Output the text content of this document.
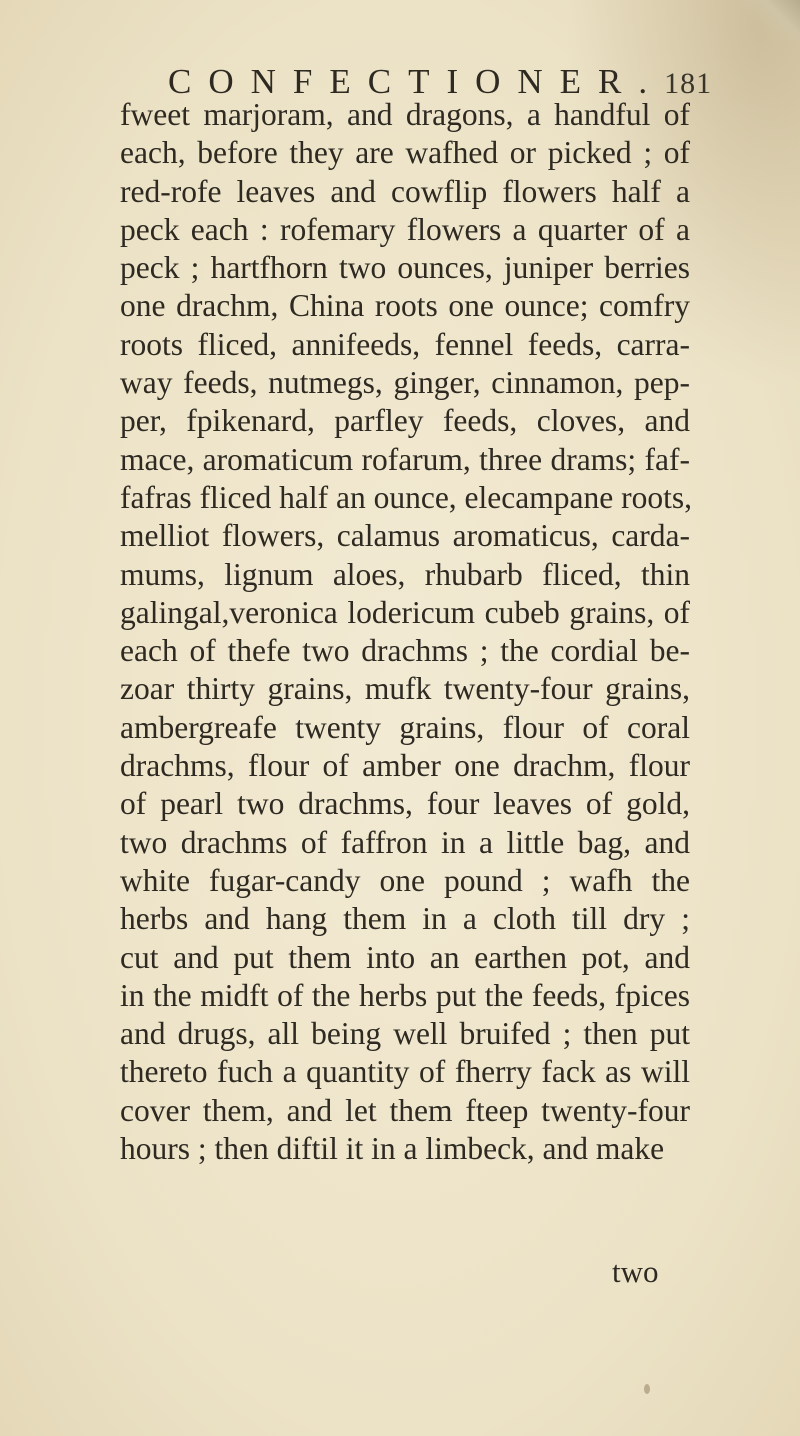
CONFECTIONER. 181
fweet marjoram, and dragons, a handful of
each, before they are wafhed or picked ; of
red-rofe leaves and cowflip flowers half a
peck each : rofemary flowers a quarter of a
peck ; hartfhorn two ounces, juniper berries
one drachm, China roots one ounce; comfry
roots fliced, annifeeds, fennel feeds, carra-
way feeds, nutmegs, ginger, cinnamon, pep-
per, fpikenard, parfley feeds, cloves, and
mace, aromaticum rofarum, three drams; faf-
fafras fliced half an ounce, elecampane roots,
melliot flowers, calamus aromaticus, carda-
mums, lignum aloes, rhubarb fliced, thin
galingal,veronica lodericum cubeb grains, of
each of thefe two drachms ; the cordial be-
zoar thirty grains, mufk twenty-four grains,
ambergreafe twenty grains, flour of coral
drachms, flour of amber one drachm, flour
of pearl two drachms, four leaves of gold,
two drachms of faffron in a little bag, and
white fugar-candy one pound ; wafh the
herbs and hang them in a cloth till dry ;
cut and put them into an earthen pot, and
in the midft of the herbs put the feeds, fpices
and drugs, all being well bruifed ; then put
thereto fuch a quantity of fherry fack as will
cover them, and let them fteep twenty-four
hours ; then diftil it in a limbeck, and make
two
